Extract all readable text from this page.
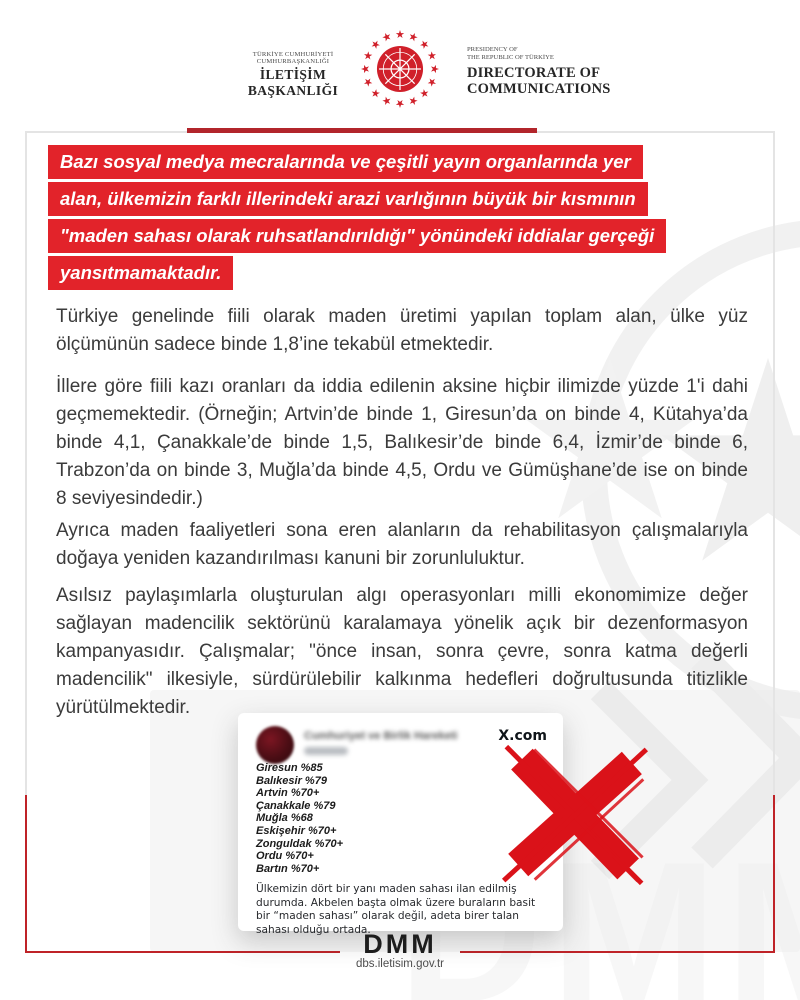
TÜRKİYE CUMHURİYETİ CUMHURBAŞKANLIĞI
İLETİŞİM BAŞKANLIĞI
PRESIDENCY OF
THE REPUBLIC OF TÜRKİYE
DIRECTORATE OF
COMMUNICATIONS
Bazı sosyal medya mecralarında ve çeşitli yayın organlarında yer
alan, ülkemizin farklı illerindeki arazi varlığının büyük bir kısmının
"maden sahası olarak ruhsatlandırıldığı" yönündeki iddialar gerçeği
yansıtmamaktadır.
Türkiye genelinde fiili olarak maden üretimi yapılan toplam alan, ülke yüz ölçümünün sadece binde 1,8’ine tekabül etmektedir.
İllere göre fiili kazı oranları da iddia edilenin aksine hiçbir ilimizde yüzde 1'i dahi geçmemektedir. (Örneğin; Artvin’de binde 1, Giresun’da on binde 4, Kütahya’da binde 4,1, Çanakkale’de binde 1,5, Balıkesir’de binde 6,4, İzmir’de binde 6, Trabzon’da on binde 3, Muğla’da binde 4,5, Ordu ve Gümüşhane’de ise on binde 8 seviyesindedir.)
Ayrıca maden faaliyetleri sona eren alanların da rehabilitasyon çalışmalarıyla doğaya yeniden kazandırılması kanuni bir zorunluluktur.
Asılsız paylaşımlarla oluşturulan algı operasyonları milli ekonomimize değer sağlayan madencilik sektörünü karalamaya yönelik açık bir dezenformasyon kampanyasıdır. Çalışmalar; "önce insan, sonra çevre, sonra katma değerli madencilik" ilkesiyle, sürdürülebilir kalkınma hedefleri doğrultusunda titizlikle yürütülmektedir.
Cumhuriyet ve Birlik Hareketi	X.com
Giresun %85
Balıkesir %79
Artvin %70+
Çanakkale %79
Muğla %68
Eskişehir %70+
Zonguldak %70+
Ordu %70+
Bartın %70+
Ülkemizin dört bir yanı maden sahası ilan edilmiş durumda. Akbelen başta olmak üzere buraların basit bir “maden sahası” olarak değil, adeta birer talan sahası olduğu ortada.
DMM
dbs.iletisim.gov.tr
